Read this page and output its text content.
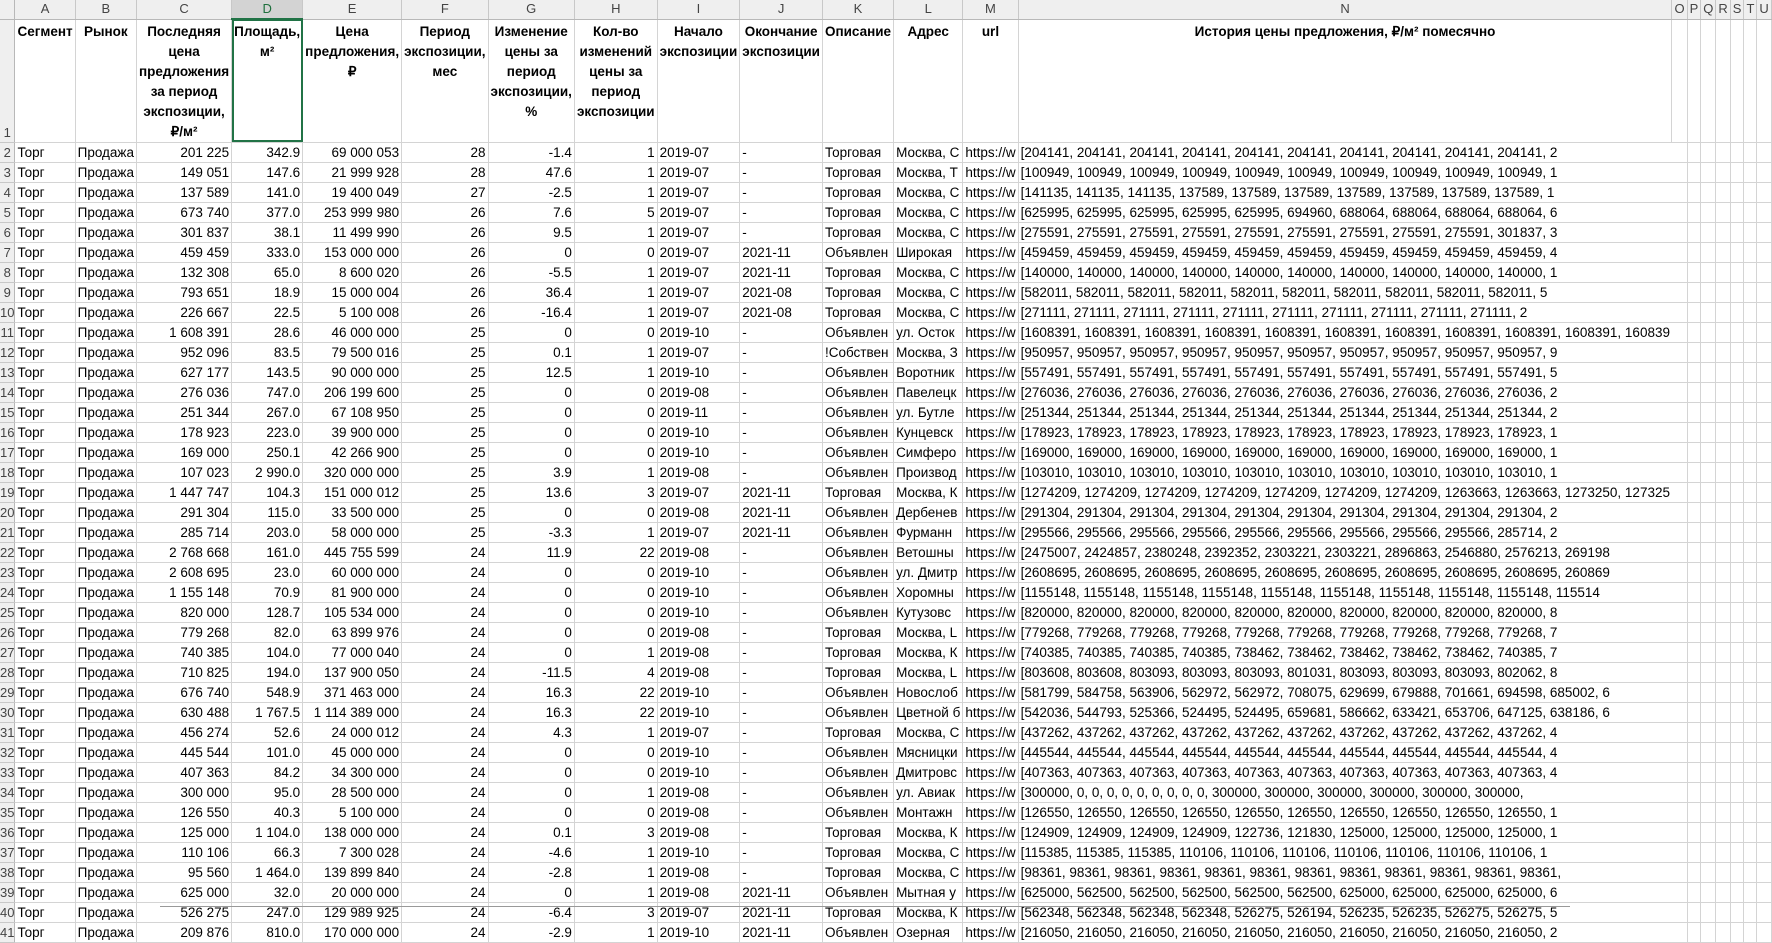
	A	B	C	D	E	F	G	H	I	J	K	L	M	N	O	P	Q	R	S	T	U
1	Сегмент	Рынок	Последняя цена предложения за период экспозиции, ₽/м²	Площадь, м²	Цена предложения, ₽	Период экспозиции, мес	Изменение цены за период экспозиции, %	Кол-во изменений цены за период экспозиции	Начало экспозиции	Окончание экспозиции	Описание	Адрес	url	История цены предложения, ₽/м² помесячно							
2	Торг	Продажа	201 225	342.9	69 000 053	28	-1.4	1	2019-07	-	Торговая	Москва, С	https://w	[204141, 204141, 204141, 204141, 204141, 204141, 204141, 204141, 204141, 204141, 2							
3	Торг	Продажа	149 051	147.6	21 999 928	28	47.6	1	2019-07	-	Торговая	Москва, Т	https://w	[100949, 100949, 100949, 100949, 100949, 100949, 100949, 100949, 100949, 100949, 1							
4	Торг	Продажа	137 589	141.0	19 400 049	27	-2.5	1	2019-07	-	Торговая	Москва, С	https://w	[141135, 141135, 141135, 137589, 137589, 137589, 137589, 137589, 137589, 137589, 1							
5	Торг	Продажа	673 740	377.0	253 999 980	26	7.6	5	2019-07	-	Торговая	Москва, С	https://w	[625995, 625995, 625995, 625995, 625995, 694960, 688064, 688064, 688064, 688064, 6							
6	Торг	Продажа	301 837	38.1	11 499 990	26	9.5	1	2019-07	-	Торговая	Москва, С	https://w	[275591, 275591, 275591, 275591, 275591, 275591, 275591, 275591, 275591, 301837, 3							
7	Торг	Продажа	459 459	333.0	153 000 000	26	0	0	2019-07	2021-11	Объявлен	Широкая	https://w	[459459, 459459, 459459, 459459, 459459, 459459, 459459, 459459, 459459, 459459, 4							
8	Торг	Продажа	132 308	65.0	8 600 020	26	-5.5	1	2019-07	2021-11	Торговая	Москва, С	https://w	[140000, 140000, 140000, 140000, 140000, 140000, 140000, 140000, 140000, 140000, 1							
9	Торг	Продажа	793 651	18.9	15 000 004	26	36.4	1	2019-07	2021-08	Торговая	Москва, С	https://w	[582011, 582011, 582011, 582011, 582011, 582011, 582011, 582011, 582011, 582011, 5							
10	Торг	Продажа	226 667	22.5	5 100 008	26	-16.4	1	2019-07	2021-08	Торговая	Москва, С	https://w	[271111, 271111, 271111, 271111, 271111, 271111, 271111, 271111, 271111, 271111, 2							
11	Торг	Продажа	1 608 391	28.6	46 000 000	25	0	0	2019-10	-	Объявлен	ул. Осток	https://w	[1608391, 1608391, 1608391, 1608391, 1608391, 1608391, 1608391, 1608391, 1608391, 1608391, 160839							
12	Торг	Продажа	952 096	83.5	79 500 016	25	0.1	1	2019-07	-	!Собствен	Москва, З	https://w	[950957, 950957, 950957, 950957, 950957, 950957, 950957, 950957, 950957, 950957, 9							
13	Торг	Продажа	627 177	143.5	90 000 000	25	12.5	1	2019-10	-	Объявлен	Воротник	https://w	[557491, 557491, 557491, 557491, 557491, 557491, 557491, 557491, 557491, 557491, 5							
14	Торг	Продажа	276 036	747.0	206 199 600	25	0	0	2019-08	-	Объявлен	Павелецк	https://w	[276036, 276036, 276036, 276036, 276036, 276036, 276036, 276036, 276036, 276036, 2							
15	Торг	Продажа	251 344	267.0	67 108 950	25	0	0	2019-11	-	Объявлен	ул. Бутле	https://w	[251344, 251344, 251344, 251344, 251344, 251344, 251344, 251344, 251344, 251344, 2							
16	Торг	Продажа	178 923	223.0	39 900 000	25	0	0	2019-10	-	Объявлен	Кунцевск	https://w	[178923, 178923, 178923, 178923, 178923, 178923, 178923, 178923, 178923, 178923, 1							
17	Торг	Продажа	169 000	250.1	42 266 900	25	0	0	2019-10	-	Объявлен	Симферо	https://w	[169000, 169000, 169000, 169000, 169000, 169000, 169000, 169000, 169000, 169000, 1							
18	Торг	Продажа	107 023	2 990.0	320 000 000	25	3.9	1	2019-08	-	Объявлен	Производ	https://w	[103010, 103010, 103010, 103010, 103010, 103010, 103010, 103010, 103010, 103010, 1							
19	Торг	Продажа	1 447 747	104.3	151 000 012	25	13.6	3	2019-07	2021-11	Торговая	Москва, К	https://w	[1274209, 1274209, 1274209, 1274209, 1274209, 1274209, 1274209, 1263663, 1263663, 1273250, 127325							
20	Торг	Продажа	291 304	115.0	33 500 000	25	0	0	2019-08	2021-11	Объявлен	Дербенев	https://w	[291304, 291304, 291304, 291304, 291304, 291304, 291304, 291304, 291304, 291304, 2							
21	Торг	Продажа	285 714	203.0	58 000 000	25	-3.3	1	2019-07	2021-11	Объявлен	Фурманн	https://w	[295566, 295566, 295566, 295566, 295566, 295566, 295566, 295566, 295566, 285714, 2							
22	Торг	Продажа	2 768 668	161.0	445 755 599	24	11.9	22	2019-08	-	Объявлен	Ветошны	https://w	[2475007, 2424857, 2380248, 2392352, 2303221, 2303221, 2896863, 2546880, 2576213, 269198							
23	Торг	Продажа	2 608 695	23.0	60 000 000	24	0	0	2019-10	-	Объявлен	ул. Дмитр	https://w	[2608695, 2608695, 2608695, 2608695, 2608695, 2608695, 2608695, 2608695, 2608695, 260869							
24	Торг	Продажа	1 155 148	70.9	81 900 000	24	0	0	2019-10	-	Объявлен	Хоромны	https://w	[1155148, 1155148, 1155148, 1155148, 1155148, 1155148, 1155148, 1155148, 1155148, 115514							
25	Торг	Продажа	820 000	128.7	105 534 000	24	0	0	2019-10	-	Объявлен	Кутузовс	https://w	[820000, 820000, 820000, 820000, 820000, 820000, 820000, 820000, 820000, 820000, 8							
26	Торг	Продажа	779 268	82.0	63 899 976	24	0	0	2019-08	-	Торговая	Москва, L	https://w	[779268, 779268, 779268, 779268, 779268, 779268, 779268, 779268, 779268, 779268, 7							
27	Торг	Продажа	740 385	104.0	77 000 040	24	0	1	2019-08	-	Торговая	Москва, К	https://w	[740385, 740385, 740385, 740385, 738462, 738462, 738462, 738462, 738462, 740385, 7							
28	Торг	Продажа	710 825	194.0	137 900 050	24	-11.5	4	2019-08	-	Торговая	Москва, L	https://w	[803608, 803608, 803093, 803093, 803093, 801031, 803093, 803093, 803093, 802062, 8							
29	Торг	Продажа	676 740	548.9	371 463 000	24	16.3	22	2019-10	-	Объявлен	Новослоб	https://w	[581799, 584758, 563906, 562972, 562972, 708075, 629699, 679888, 701661, 694598, 685002, 6							
30	Торг	Продажа	630 488	1 767.5	1 114 389 000	24	16.3	22	2019-10	-	Объявлен	Цветной б	https://w	[542036, 544793, 525366, 524495, 524495, 659681, 586662, 633421, 653706, 647125, 638186, 6							
31	Торг	Продажа	456 274	52.6	24 000 012	24	4.3	1	2019-07	-	Торговая	Москва, С	https://w	[437262, 437262, 437262, 437262, 437262, 437262, 437262, 437262, 437262, 437262, 4							
32	Торг	Продажа	445 544	101.0	45 000 000	24	0	0	2019-10	-	Объявлен	Мясницки	https://w	[445544, 445544, 445544, 445544, 445544, 445544, 445544, 445544, 445544, 445544, 4							
33	Торг	Продажа	407 363	84.2	34 300 000	24	0	0	2019-10	-	Объявлен	Дмитровс	https://w	[407363, 407363, 407363, 407363, 407363, 407363, 407363, 407363, 407363, 407363, 4							
34	Торг	Продажа	300 000	95.0	28 500 000	24	0	1	2019-08	-	Объявлен	ул. Авиак	https://w	[300000, 0, 0, 0, 0, 0, 0, 0, 0, 0, 300000, 300000, 300000, 300000, 300000, 300000,							
35	Торг	Продажа	126 550	40.3	5 100 000	24	0	0	2019-08	-	Объявлен	Монтажн	https://w	[126550, 126550, 126550, 126550, 126550, 126550, 126550, 126550, 126550, 126550, 1							
36	Торг	Продажа	125 000	1 104.0	138 000 000	24	0.1	3	2019-08	-	Торговая	Москва, К	https://w	[124909, 124909, 124909, 124909, 122736, 121830, 125000, 125000, 125000, 125000, 1							
37	Торг	Продажа	110 106	66.3	7 300 028	24	-4.6	1	2019-10	-	Торговая	Москва, С	https://w	[115385, 115385, 115385, 110106, 110106, 110106, 110106, 110106, 110106, 110106, 1							
38	Торг	Продажа	95 560	1 464.0	139 899 840	24	-2.8	1	2019-08	-	Торговая	Москва, С	https://w	[98361, 98361, 98361, 98361, 98361, 98361, 98361, 98361, 98361, 98361, 98361, 98361,							
39	Торг	Продажа	625 000	32.0	20 000 000	24	0	1	2019-08	2021-11	Объявлен	Мытная у	https://w	[625000, 562500, 562500, 562500, 562500, 562500, 625000, 625000, 625000, 625000, 6							
40	Торг	Продажа	526 275	247.0	129 989 925	24	-6.4	3	2019-07	2021-11	Торговая	Москва, К	https://w	[562348, 562348, 562348, 562348, 526275, 526194, 526235, 526235, 526275, 526275, 5							
41	Торг	Продажа	209 876	810.0	170 000 000	24	-2.9	1	2019-10	2021-11	Объявлен	Озерная	https://w	[216050, 216050, 216050, 216050, 216050, 216050, 216050, 216050, 216050, 216050, 2							
